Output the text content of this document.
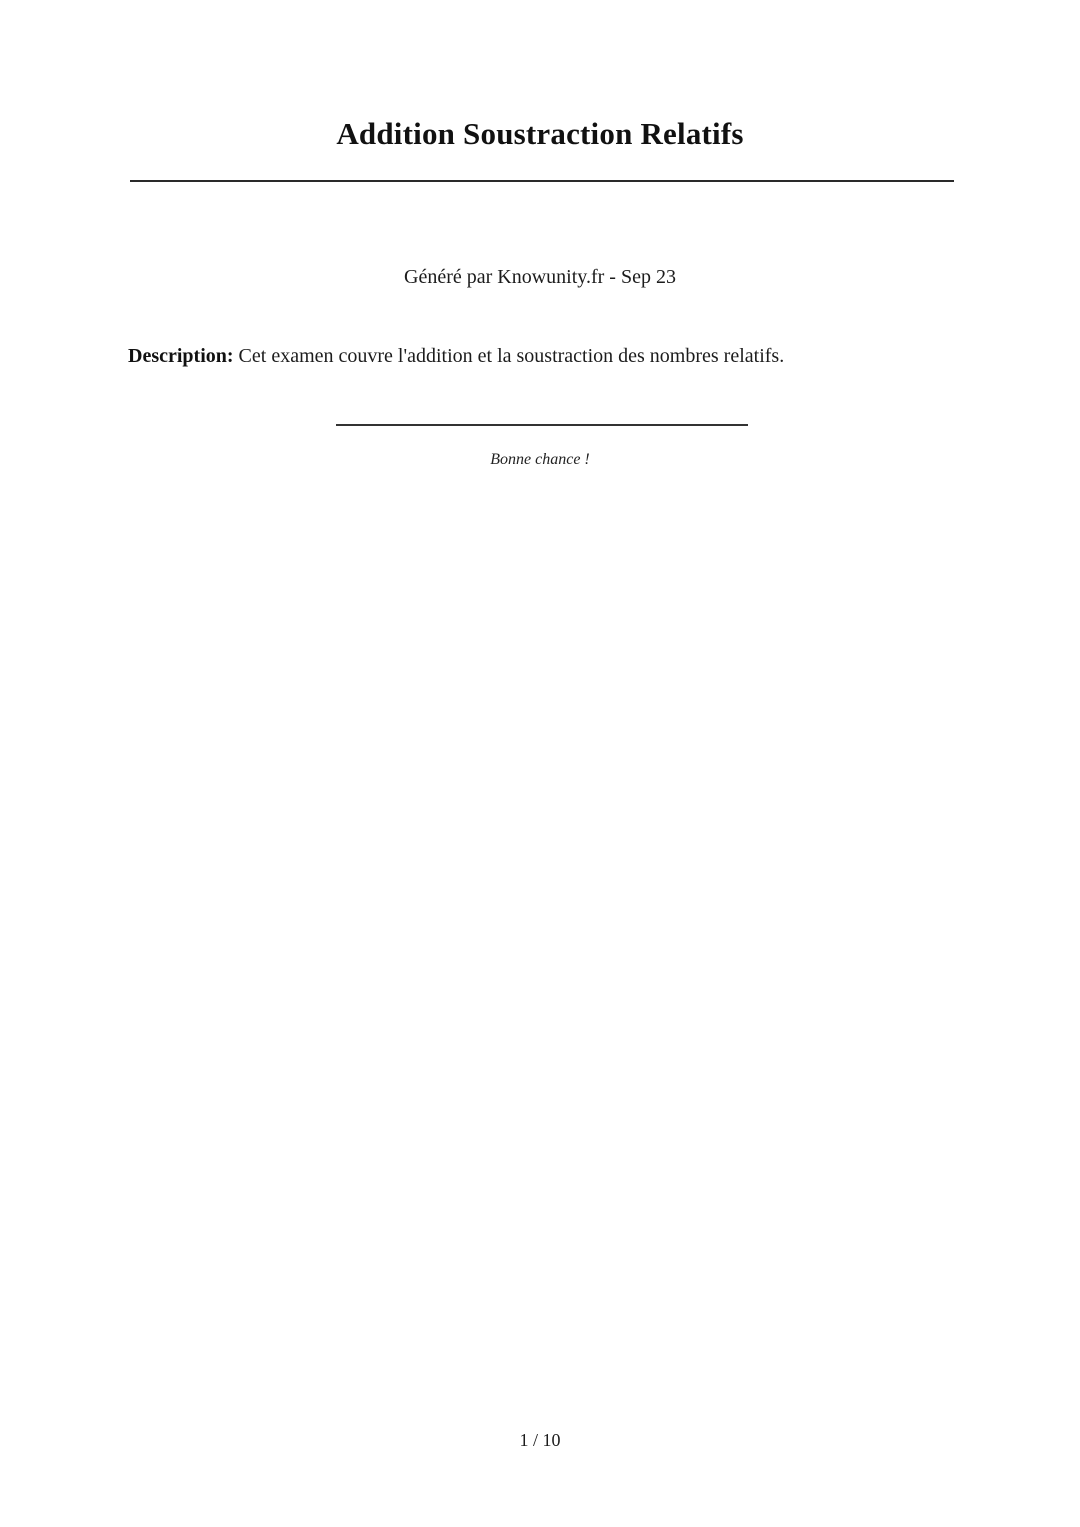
Addition Soustraction Relatifs

Généré par Knowunity.fr - Sep 23

Description: Cet examen couvre l'addition et la soustraction des nombres relatifs.

Bonne chance !

1 / 10
